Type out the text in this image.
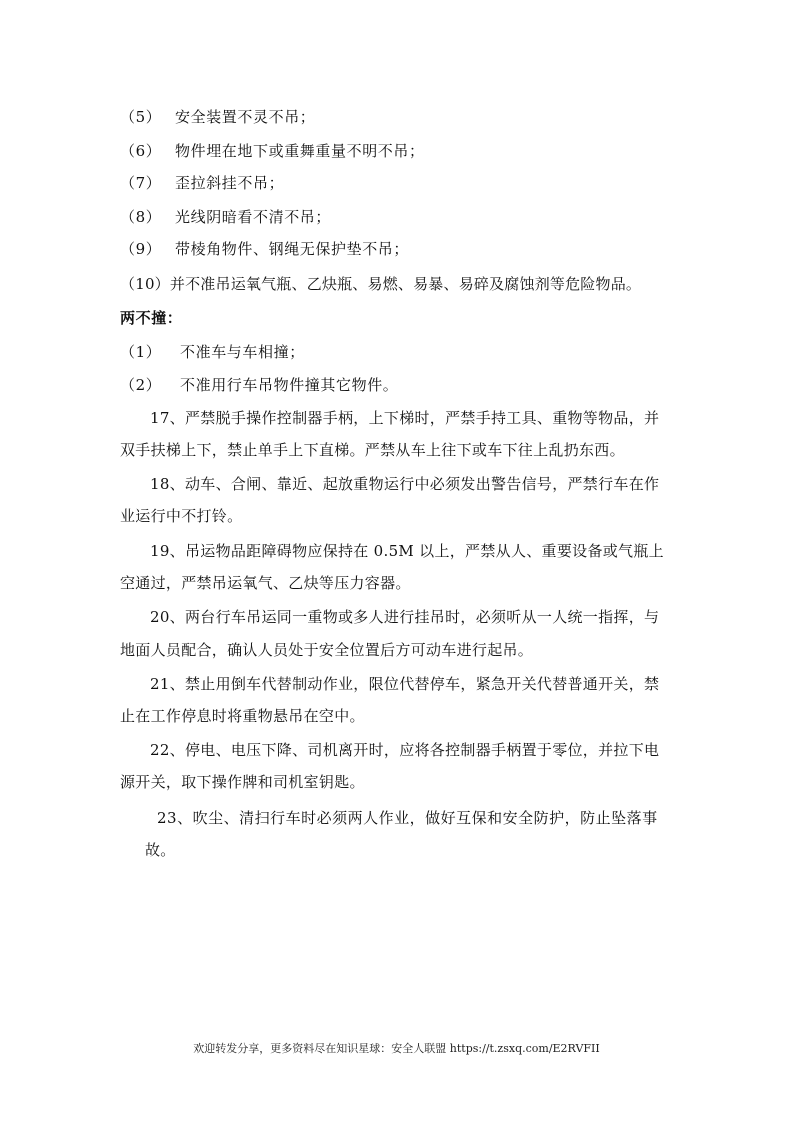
（5） 安全装置不灵不吊；
（6） 物件埋在地下或重舞重量不明不吊；
（7） 歪拉斜挂不吊；
（8） 光线阴暗看不清不吊；
（9） 带棱角物件、钢绳无保护垫不吊；
（10）并不准吊运氧气瓶、乙炔瓶、易燃、易暴、易碎及腐蚀剂等危险物品。
两不撞：
（1） 不准车与车相撞；
（2） 不准用行车吊物件撞其它物件。
17、严禁脱手操作控制器手柄，上下梯时，严禁手持工具、重物等物品，并
双手扶梯上下，禁止单手上下直梯。严禁从车上往下或车下往上乱扔东西。
18、动车、合闸、靠近、起放重物运行中必须发出警告信号，严禁行车在作
业运行中不打铃。
19、吊运物品距障碍物应保持在 0.5M 以上，严禁从人、重要设备或气瓶上
空通过，严禁吊运氧气、乙炔等压力容器。
20、两台行车吊运同一重物或多人进行挂吊时，必须听从一人统一指挥，与
地面人员配合，确认人员处于安全位置后方可动车进行起吊。
21、禁止用倒车代替制动作业，限位代替停车，紧急开关代替普通开关，禁
止在工作停息时将重物悬吊在空中。
22、停电、电压下降、司机离开时，应将各控制器手柄置于零位，并拉下电
源开关，取下操作牌和司机室钥匙。
23、吹尘、清扫行车时必须两人作业，做好互保和安全防护，防止坠落事
故。
欢迎转发分享，更多资料尽在知识星球：安全人联盟 https://t.zsxq.com/E2RVFII
